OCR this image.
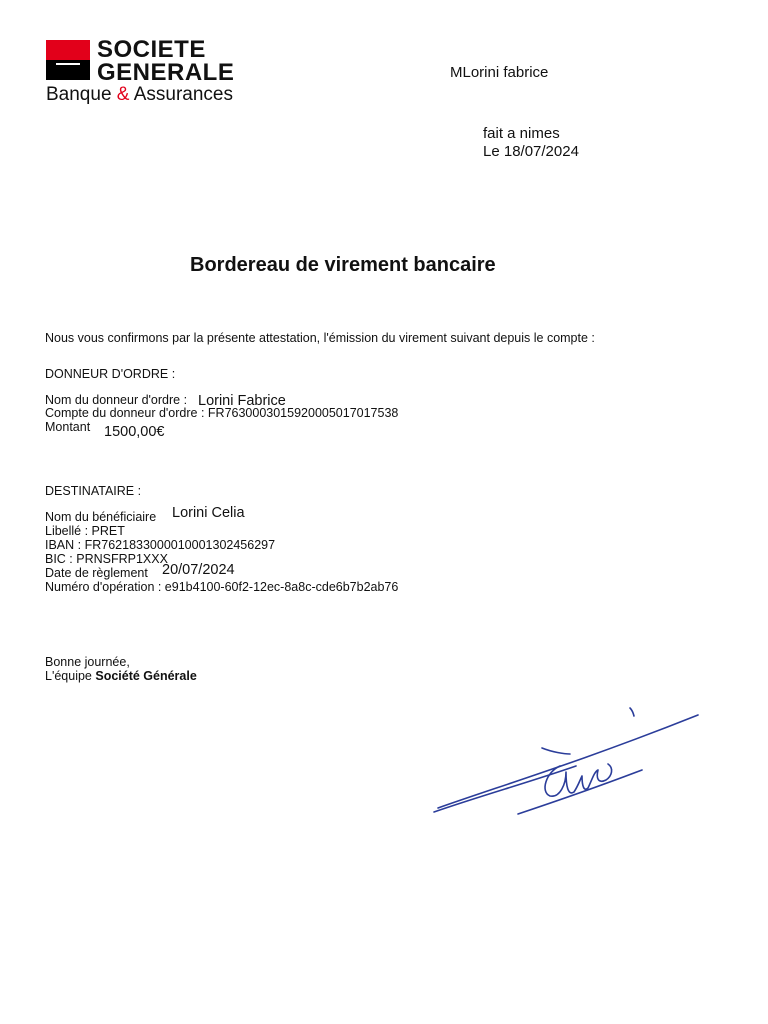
SOCIETE
GENERALE
Banque & Assurances
MLorini fabrice
fait a nimes
Le 18/07/2024
Bordereau de virement bancaire
Nous vous confirmons par la présente attestation, l'émission du virement suivant depuis le compte :
DONNEUR D'ORDRE :
Nom du donneur d'ordre : Lorini Fabrice
Compte du donneur d'ordre : FR7630003015920005017017538
Montant 1500,00€
DESTINATAIRE :
Nom du bénéficiaire Lorini Celia
Libellé : PRET
IBAN : FR7621833000010001302456297
BIC : PRNSFRP1XXX
Date de règlement 20/07/2024
Numéro d'opération : e91b4100-60f2-12ec-8a8c-cde6b7b2ab76
Bonne journée,
L'équipe Société Générale
